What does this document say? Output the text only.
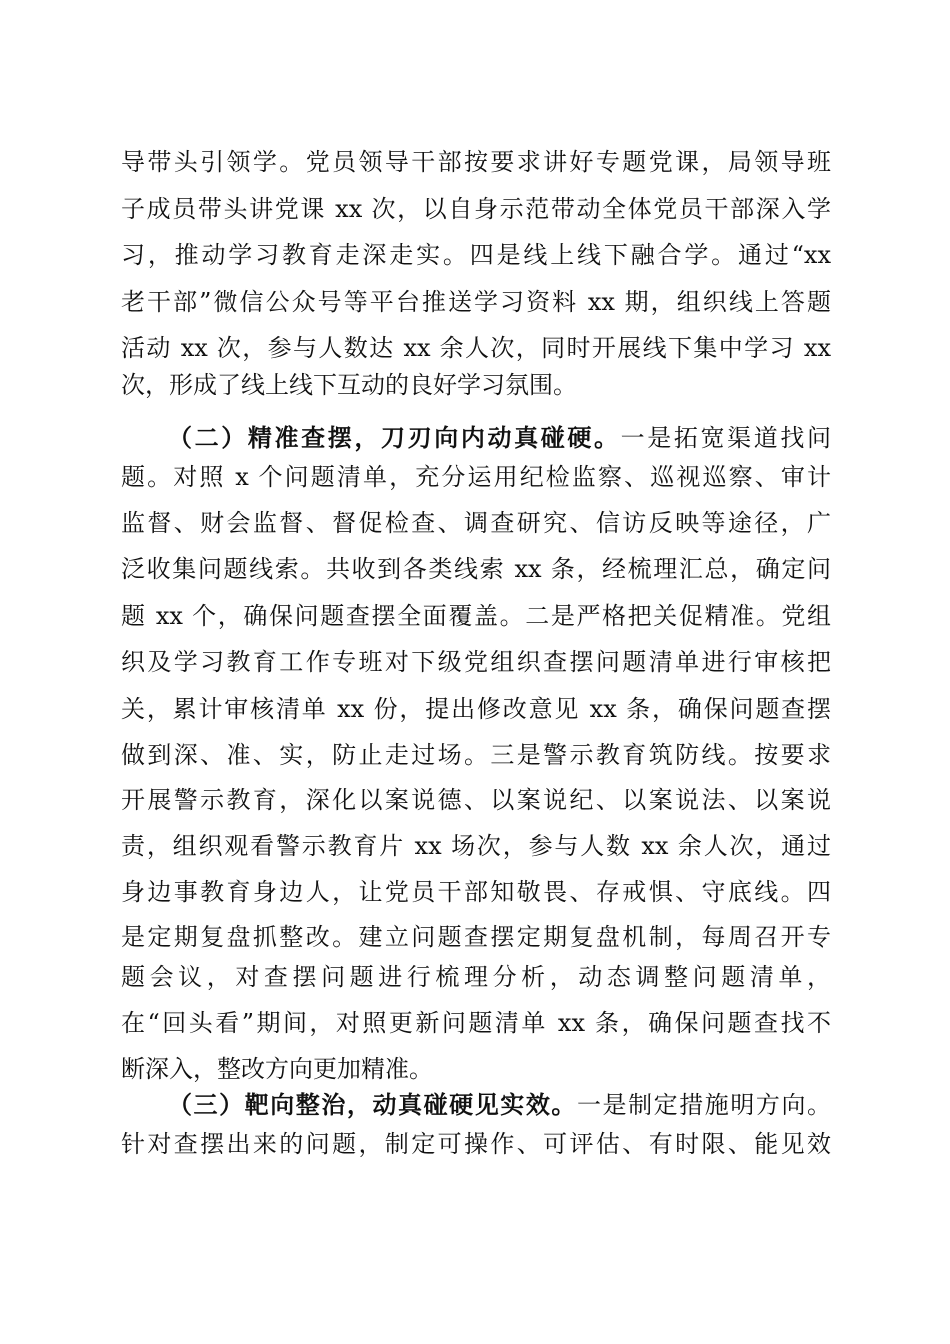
导带头引领学。党员领导干部按要求讲好专题党课，局领导班
子成员带头讲党课 xx 次，以自身示范带动全体党员干部深入学
习，推动学习教育走深走实。四是线上线下融合学。通过“xx
老干部”微信公众号等平台推送学习资料 xx 期，组织线上答题
活动 xx 次，参与人数达 xx 余人次，同时开展线下集中学习 xx
次，形成了线上线下互动的良好学习氛围。
（二）精准查摆，刀刃向内动真碰硬。一是拓宽渠道找问
题。对照 x 个问题清单，充分运用纪检监察、巡视巡察、审计
监督、财会监督、督促检查、调查研究、信访反映等途径，广
泛收集问题线索。共收到各类线索 xx 条，经梳理汇总，确定问
题 xx 个，确保问题查摆全面覆盖。二是严格把关促精准。党组
织及学习教育工作专班对下级党组织查摆问题清单进行审核把
关，累计审核清单 xx 份，提出修改意见 xx 条，确保问题查摆
做到深、准、实，防止走过场。三是警示教育筑防线。按要求
开展警示教育，深化以案说德、以案说纪、以案说法、以案说
责，组织观看警示教育片 xx 场次，参与人数 xx 余人次，通过
身边事教育身边人，让党员干部知敬畏、存戒惧、守底线。四
是定期复盘抓整改。建立问题查摆定期复盘机制，每周召开专
题会议，对查摆问题进行梳理分析，动态调整问题清单，
在“回头看”期间，对照更新问题清单 xx 条，确保问题查找不
断深入，整改方向更加精准。
（三）靶向整治，动真碰硬见实效。一是制定措施明方向。
针对查摆出来的问题，制定可操作、可评估、有时限、能见效
